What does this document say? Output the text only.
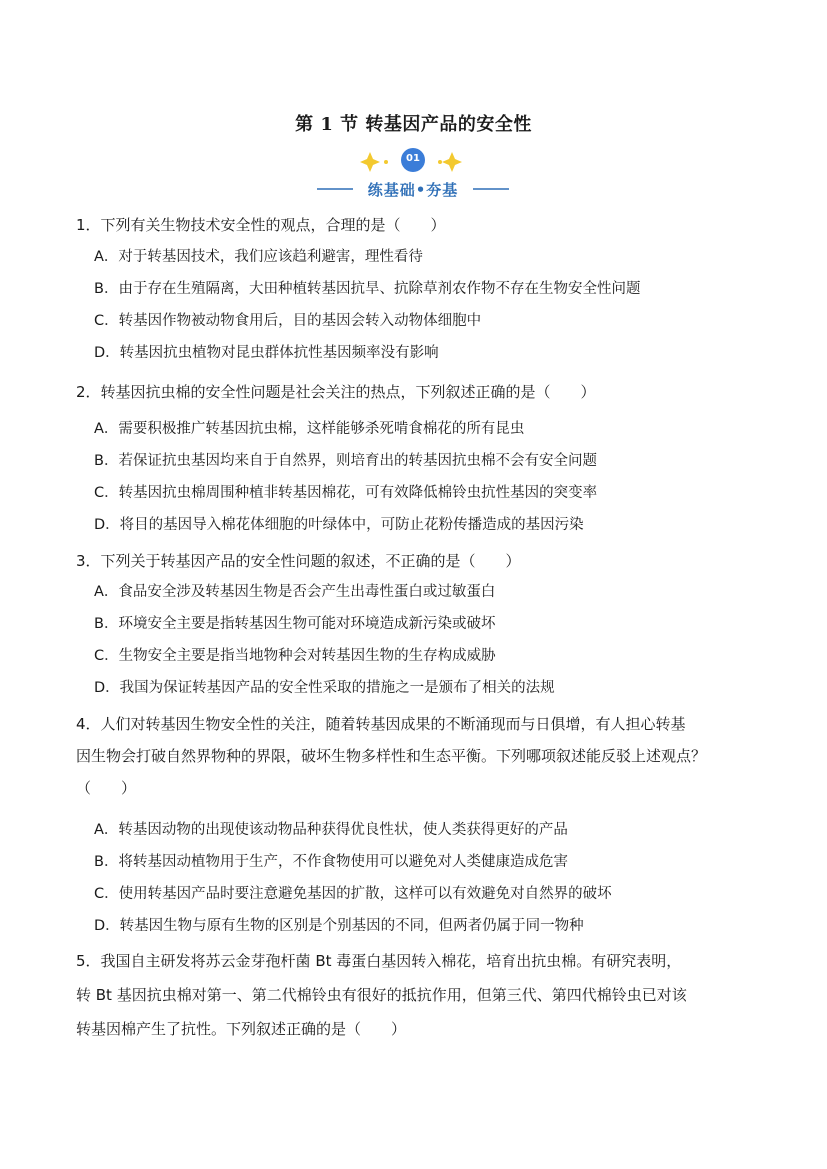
第 1 节 转基因产品的安全性
01
练基础•夯基
1．下列有关生物技术安全性的观点，合理的是（　　）
A．对于转基因技术，我们应该趋利避害，理性看待
B．由于存在生殖隔离，大田种植转基因抗旱、抗除草剂农作物不存在生物安全性问题
C．转基因作物被动物食用后，目的基因会转入动物体细胞中
D．转基因抗虫植物对昆虫群体抗性基因频率没有影响
2．转基因抗虫棉的安全性问题是社会关注的热点，下列叙述正确的是（　　）
A．需要积极推广转基因抗虫棉，这样能够杀死啃食棉花的所有昆虫
B．若保证抗虫基因均来自于自然界，则培育出的转基因抗虫棉不会有安全问题
C．转基因抗虫棉周围种植非转基因棉花，可有效降低棉铃虫抗性基因的突变率
D．将目的基因导入棉花体细胞的叶绿体中，可防止花粉传播造成的基因污染
3．下列关于转基因产品的安全性问题的叙述，不正确的是（　　）
A．食品安全涉及转基因生物是否会产生出毒性蛋白或过敏蛋白
B．环境安全主要是指转基因生物可能对环境造成新污染或破坏
C．生物安全主要是指当地物种会对转基因生物的生存构成威胁
D．我国为保证转基因产品的安全性采取的措施之一是颁布了相关的法规
4．人们对转基因生物安全性的关注，随着转基因成果的不断涌现而与日俱增，有人担心转基
因生物会打破自然界物种的界限，破坏生物多样性和生态平衡。下列哪项叙述能反驳上述观点？
（　　）
A．转基因动物的出现使该动物品种获得优良性状，使人类获得更好的产品
B．将转基因动植物用于生产，不作食物使用可以避免对人类健康造成危害
C．使用转基因产品时要注意避免基因的扩散，这样可以有效避免对自然界的破坏
D．转基因生物与原有生物的区别是个别基因的不同，但两者仍属于同一物种
5．我国自主研发将苏云金芽孢杆菌 Bt 毒蛋白基因转入棉花，培育出抗虫棉。有研究表明，
转 Bt 基因抗虫棉对第一、第二代棉铃虫有很好的抵抗作用，但第三代、第四代棉铃虫已对该
转基因棉产生了抗性。下列叙述正确的是（　　）
